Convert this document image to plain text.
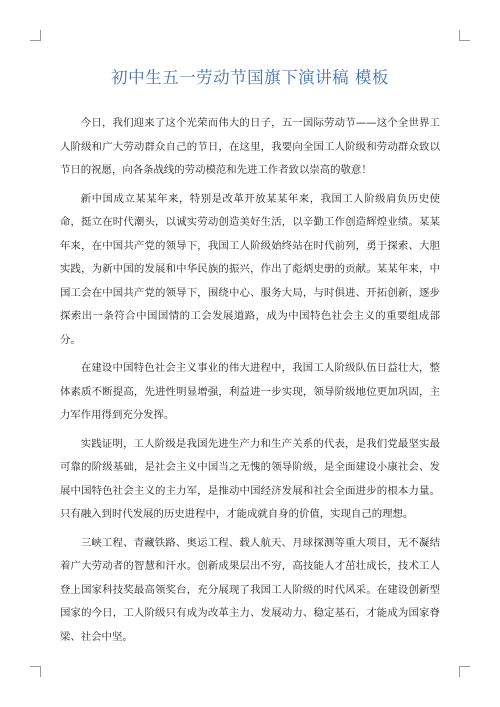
初中生五一劳动节国旗下演讲稿 模板

今日，我们迎来了这个光荣而伟大的日子，五一国际劳动节——这个全世界工人阶级和广大劳动群众自己的节日，在这里，我要向全国工人阶级和劳动群众致以节日的祝愿，向各条战线的劳动模范和先进工作者致以崇高的敬意！

新中国成立某某年来，特别是改革开放某某年来，我国工人阶级肩负历史使命，挺立在时代潮头，以诚实劳动创造美好生活，以辛勤工作创造辉煌业绩。某某年来，在中国共产党的领导下，我国工人阶级始终站在时代前列，勇于探索、大胆实践，为新中国的发展和中华民族的振兴，作出了彪炳史册的贡献。某某年来，中国工会在中国共产党的领导下，围绕中心、服务大局，与时俱进、开拓创新，逐步探索出一条符合中国国情的工会发展道路，成为中国特色社会主义的重要组成部分。

在建设中国特色社会主义事业的伟大进程中，我国工人阶级队伍日益壮大，整体素质不断提高，先进性明显增强，利益进一步实现，领导阶级地位更加巩固，主力军作用得到充分发挥。

实践证明，工人阶级是我国先进生产力和生产关系的代表，是我们党最坚实最可靠的阶级基础，是社会主义中国当之无愧的领导阶级，是全面建设小康社会、发展中国特色社会主义的主力军，是推动中国经济发展和社会全面进步的根本力量。 只有融入到时代发展的历史进程中，才能成就自身的价值，实现自己的理想。

三峡工程、青藏铁路、奥运工程、载人航天、月球探测等重大项目，无不凝结着广大劳动者的智慧和汗水。创新成果层出不穷，高技能人才茁壮成长，技术工人登上国家科技奖最高领奖台，充分展现了我国工人阶级的时代风采。在建设创新型国家的今日，工人阶级只有成为改革主力、发展动力、稳定基石，才能成为国家脊梁、社会中坚。
